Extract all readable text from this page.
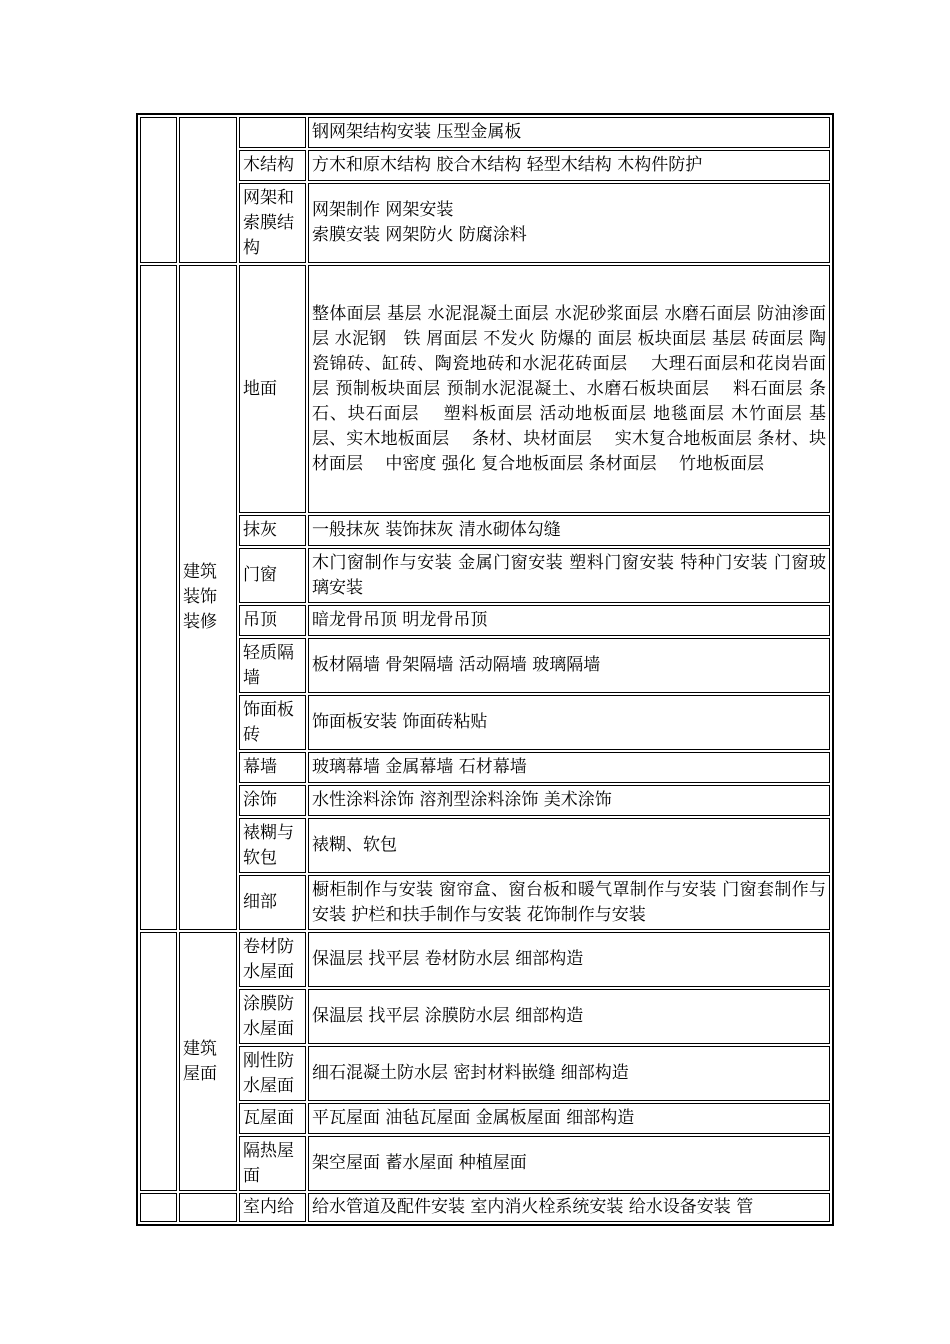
			钢网架结构安装 压型金属板
		木结构	方木和原木结构 胶合木结构 轻型木结构 木构件防护
		网架和索膜结构	网架制作 网架安装
索膜安装 网架防火 防腐涂料
	建筑装饰装修	地面	整体面层 基层 水泥混凝土面层 水泥砂浆面层 水磨石面层 防油渗面层 水泥钢　铁 屑面层 不发火 防爆的 面层 板块面层 基层 砖面层 陶瓷锦砖、缸砖、陶瓷地砖和水泥花砖面层　 大理石面层和花岗岩面层 预制板块面层 预制水泥混凝土、水磨石板块面层　 料石面层 条石、块石面层　 塑料板面层 活动地板面层 地毯面层 木竹面层 基层、实木地板面层　 条材、块材面层　 实木复合地板面层 条材、块材面层　 中密度 强化 复合地板面层 条材面层　 竹地板面层
		抹灰	一般抹灰 装饰抹灰 清水砌体勾缝
		门窗	木门窗制作与安装 金属门窗安装 塑料门窗安装 特种门安装 门窗玻璃安装
		吊顶	暗龙骨吊顶 明龙骨吊顶
		轻质隔墙	板材隔墙 骨架隔墙 活动隔墙 玻璃隔墙
		饰面板砖	饰面板安装 饰面砖粘贴
		幕墙	玻璃幕墙 金属幕墙 石材幕墙
		涂饰	水性涂料涂饰 溶剂型涂料涂饰 美术涂饰
		裱糊与软包	裱糊、软包
		细部	橱柜制作与安装 窗帘盒、窗台板和暖气罩制作与安装 门窗套制作与安装 护栏和扶手制作与安装 花饰制作与安装
	建筑屋面	卷材防水屋面	保温层 找平层 卷材防水层 细部构造
		涂膜防水屋面	保温层 找平层 涂膜防水层 细部构造
		刚性防水屋面	细石混凝土防水层 密封材料嵌缝 细部构造
		瓦屋面	平瓦屋面 油毡瓦屋面 金属板屋面 细部构造
		隔热屋面	架空屋面 蓄水屋面 种植屋面
		室内给	给水管道及配件安装 室内消火栓系统安装 给水设备安装 管
